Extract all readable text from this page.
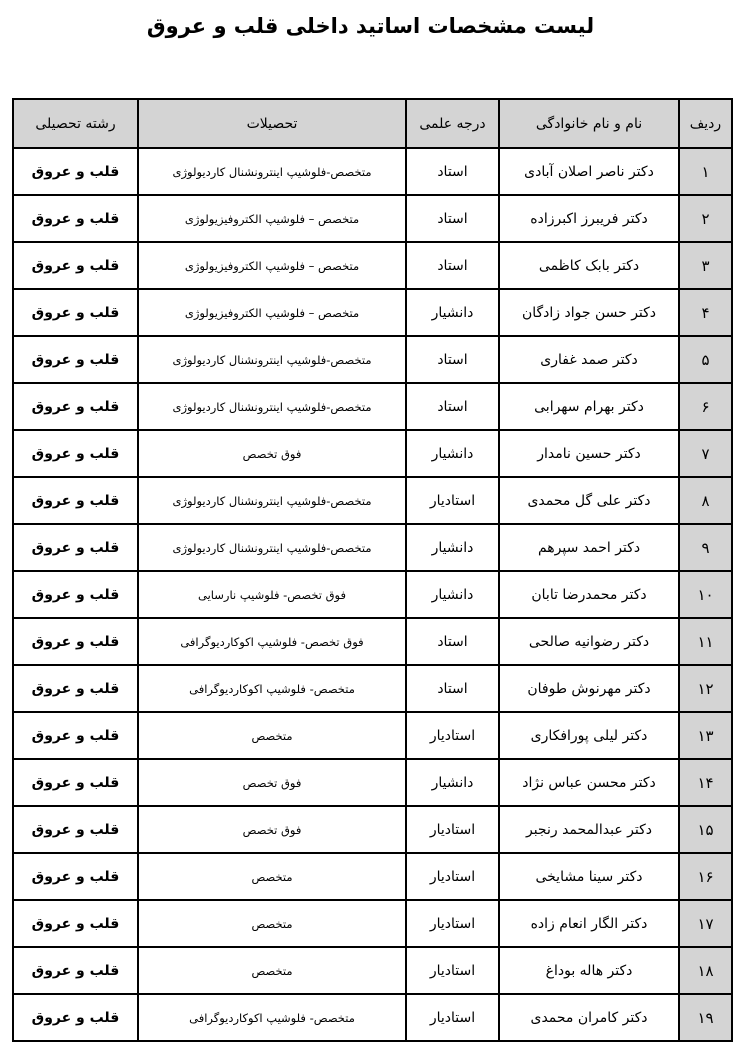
لیست مشخصات اساتید داخلی قلب و عروق
ردیف	نام و نام خانوادگی	درجه علمی	تحصیلات	رشته تحصیلی
۱	دکتر ناصر اصلان آبادی	استاد	متخصص-فلوشیپ اینترونشنال کاردیولوژی	قلب و عروق
۲	دکتر فریبرز اکبرزاده	استاد	متخصص – فلوشیپ الکتروفیزیولوژی	قلب و عروق
۳	دکتر بابک کاظمی	استاد	متخصص – فلوشیپ الکتروفیزیولوژی	قلب و عروق
۴	دکتر حسن جواد زادگان	دانشیار	متخصص – فلوشیپ الکتروفیزیولوژی	قلب و عروق
۵	دکتر صمد غفاری	استاد	متخصص-فلوشیپ اینترونشنال کاردیولوژی	قلب و عروق
۶	دکتر بهرام سهرابی	استاد	متخصص-فلوشیپ اینترونشنال کاردیولوژی	قلب و عروق
۷	دکتر حسین نامدار	دانشیار	فوق تخصص	قلب و عروق
۸	دکتر علی گل محمدی	استادیار	متخصص-فلوشیپ اینترونشنال کاردیولوژی	قلب و عروق
۹	دکتر احمد سپرهم	دانشیار	متخصص-فلوشیپ اینترونشنال کاردیولوژی	قلب و عروق
۱۰	دکتر محمدرضا تابان	دانشیار	فوق تخصص- فلوشیپ نارسایی	قلب و عروق
۱۱	دکتر رضوانیه صالحی	استاد	فوق تخصص- فلوشیپ اکوکاردیوگرافی	قلب و عروق
۱۲	دکتر مهرنوش طوفان	استاد	متخصص- فلوشیپ اکوکاردیوگرافی	قلب و عروق
۱۳	دکتر لیلی پورافکاری	استادیار	متخصص	قلب و عروق
۱۴	دکتر محسن عباس نژاد	دانشیار	فوق تخصص	قلب و عروق
۱۵	دکتر عبدالمحمد رنجبر	استادیار	فوق تخصص	قلب و عروق
۱۶	دکتر سینا مشایخی	استادیار	متخصص	قلب و عروق
۱۷	دکتر الگار انعام زاده	استادیار	متخصص	قلب و عروق
۱۸	دکتر هاله بوداغ	استادیار	متخصص	قلب و عروق
۱۹	دکتر کامران محمدی	استادیار	متخصص- فلوشیپ اکوکاردیوگرافی	قلب و عروق
